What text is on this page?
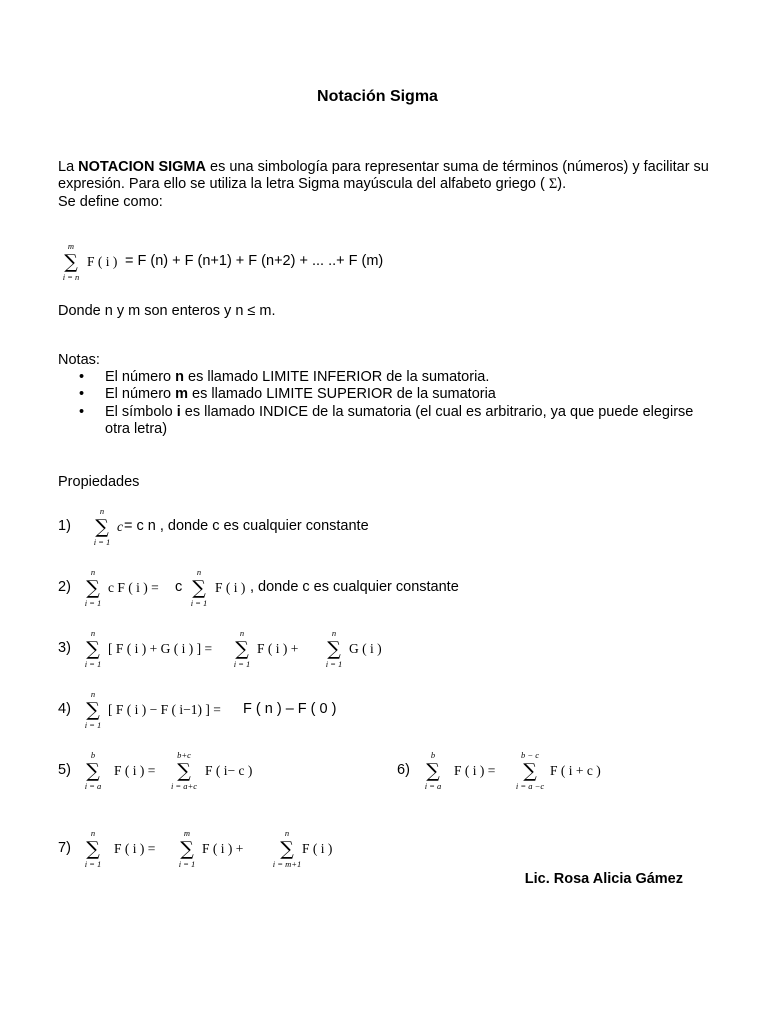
Notación Sigma
La NOTACION SIGMA es una simbología para representar suma de términos (números) y facilitar su expresión. Para ello se utiliza la letra Sigma mayúscula del alfabeto griego ( Σ).
Se define como:
m
∑
i = n
F ( i ) = F (n) + F (n+1) + F (n+2) + ... ..+ F (m)
Donde n y m son enteros y n ≤ m.
Notas:
• El número n es llamado LIMITE INFERIOR de la sumatoria.
• El número m es llamado LIMITE SUPERIOR de la sumatoria
• El símbolo i es llamado INDICE de la sumatoria (el cual es arbitrario, ya que puede elegirse otra letra)
Propiedades
1)
n
∑
i = 1
c = c n , donde c es cualquier constante
2)
n
∑
i = 1
c F ( i ) = c
n
∑
i = 1
F ( i ) , donde c es cualquier constante
3)
n
∑
i = 1
[ F ( i ) + G ( i ) ] =
n
∑
i = 1
F ( i ) +
n
∑
i = 1
G ( i )
4)
n
∑
i = 1
[ F ( i ) − F ( i−1) ] = F ( n ) – F ( 0 )
5)
b
∑
i = a
F ( i ) =
b+c
∑
i = a+c
F ( i− c )	6)
b
∑
i = a
F ( i ) =
b − c
∑
i = a −c
F ( i + c )
7)
n
∑
i = 1
F ( i ) =
m
∑
i = 1
F ( i ) +
n
∑
i = m+1
F ( i )
Lic. Rosa Alicia Gámez
